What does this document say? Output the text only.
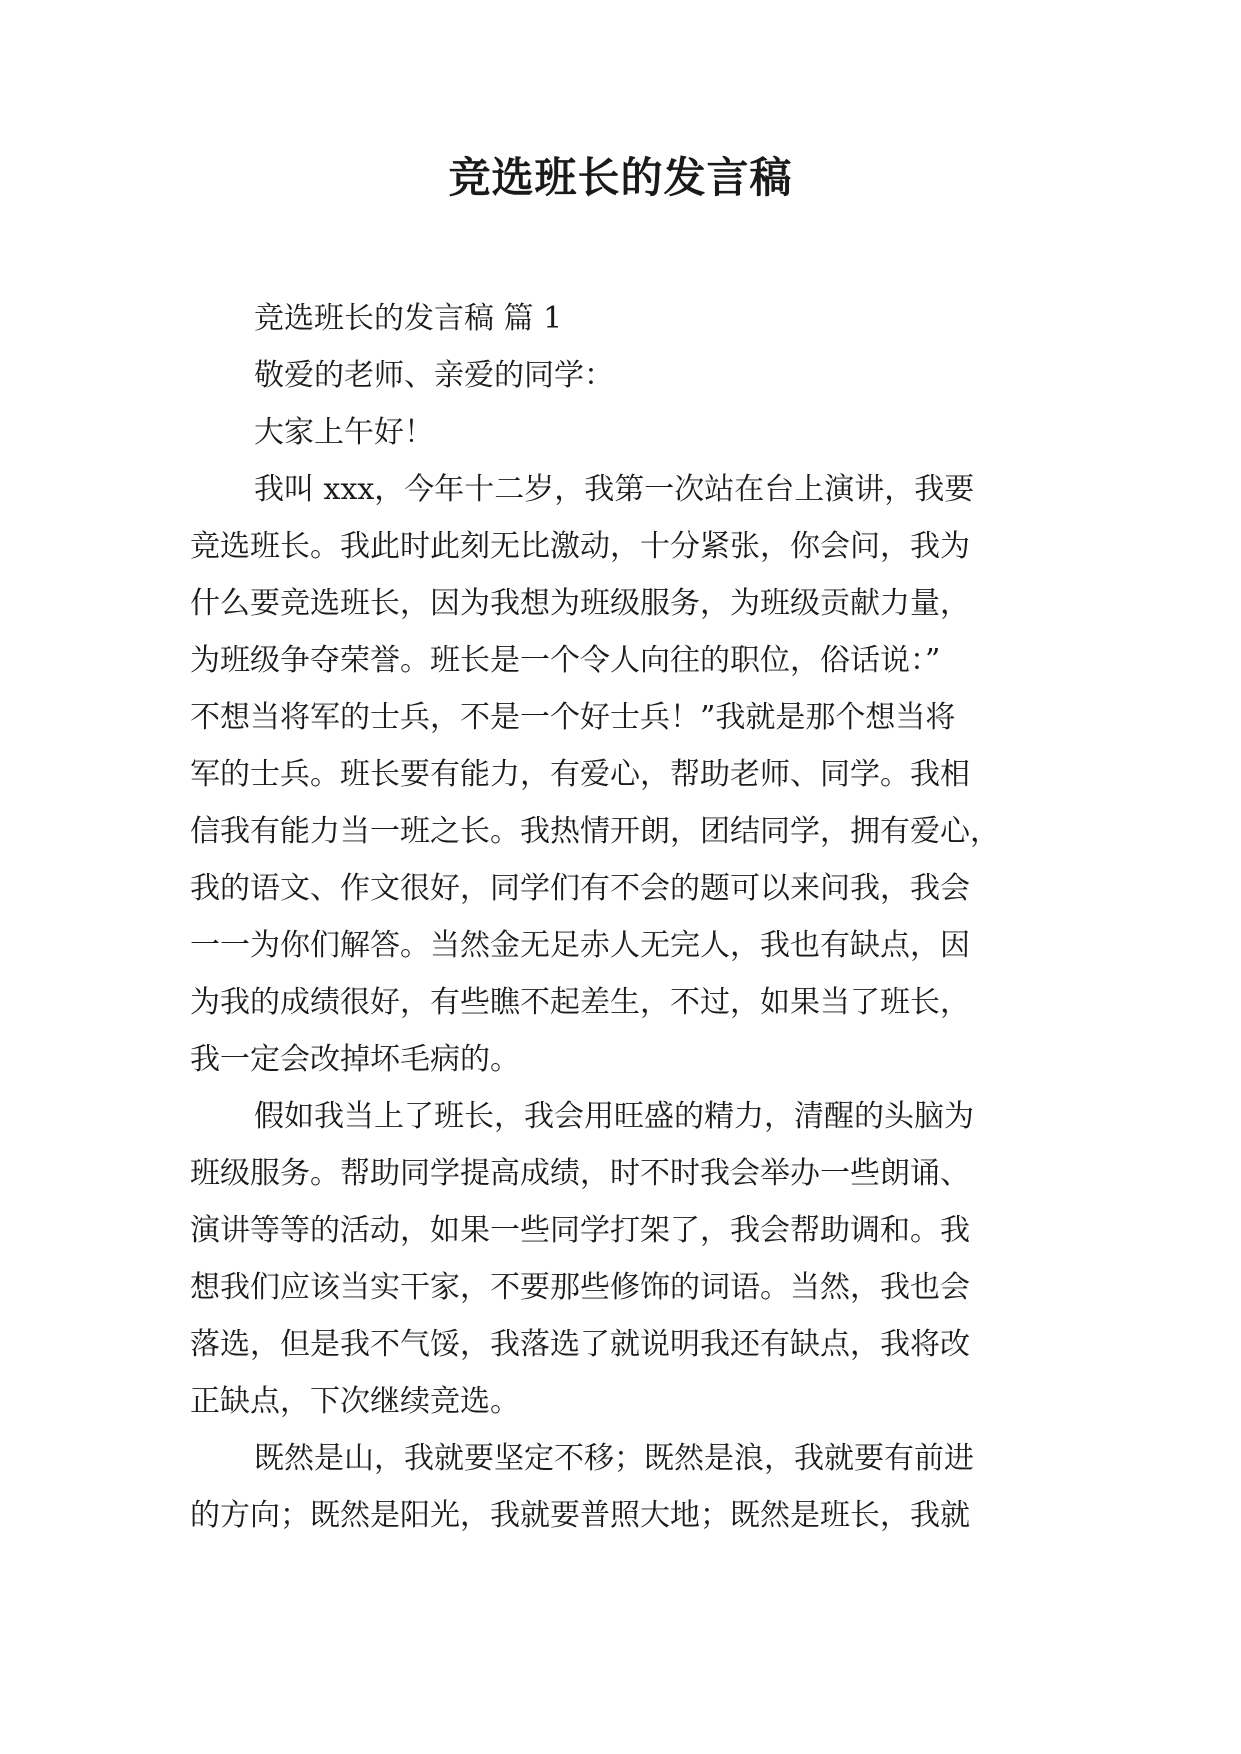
竞选班长的发言稿

竞选班长的发言稿 篇 1

敬爱的老师、亲爱的同学：

大家上午好！

我叫 xxx，今年十二岁，我第一次站在台上演讲，我要

竞选班长。我此时此刻无比激动，十分紧张，你会问，我为

什么要竞选班长，因为我想为班级服务，为班级贡献力量，

为班级争夺荣誉。班长是一个令人向往的职位，俗话说：”

不想当将军的士兵，不是一个好士兵！”我就是那个想当将

军的士兵。班长要有能力，有爱心，帮助老师、同学。我相

信我有能力当一班之长。我热情开朗，团结同学，拥有爱心，

我的语文、作文很好，同学们有不会的题可以来问我，我会

一一为你们解答。当然金无足赤人无完人，我也有缺点，因

为我的成绩很好，有些瞧不起差生，不过，如果当了班长，

我一定会改掉坏毛病的。

假如我当上了班长，我会用旺盛的精力，清醒的头脑为

班级服务。帮助同学提高成绩，时不时我会举办一些朗诵、

演讲等等的活动，如果一些同学打架了，我会帮助调和。我

想我们应该当实干家，不要那些修饰的词语。当然，我也会

落选，但是我不气馁，我落选了就说明我还有缺点，我将改

正缺点，下次继续竞选。

既然是山，我就要坚定不移；既然是浪，我就要有前进

的方向；既然是阳光，我就要普照大地；既然是班长，我就
